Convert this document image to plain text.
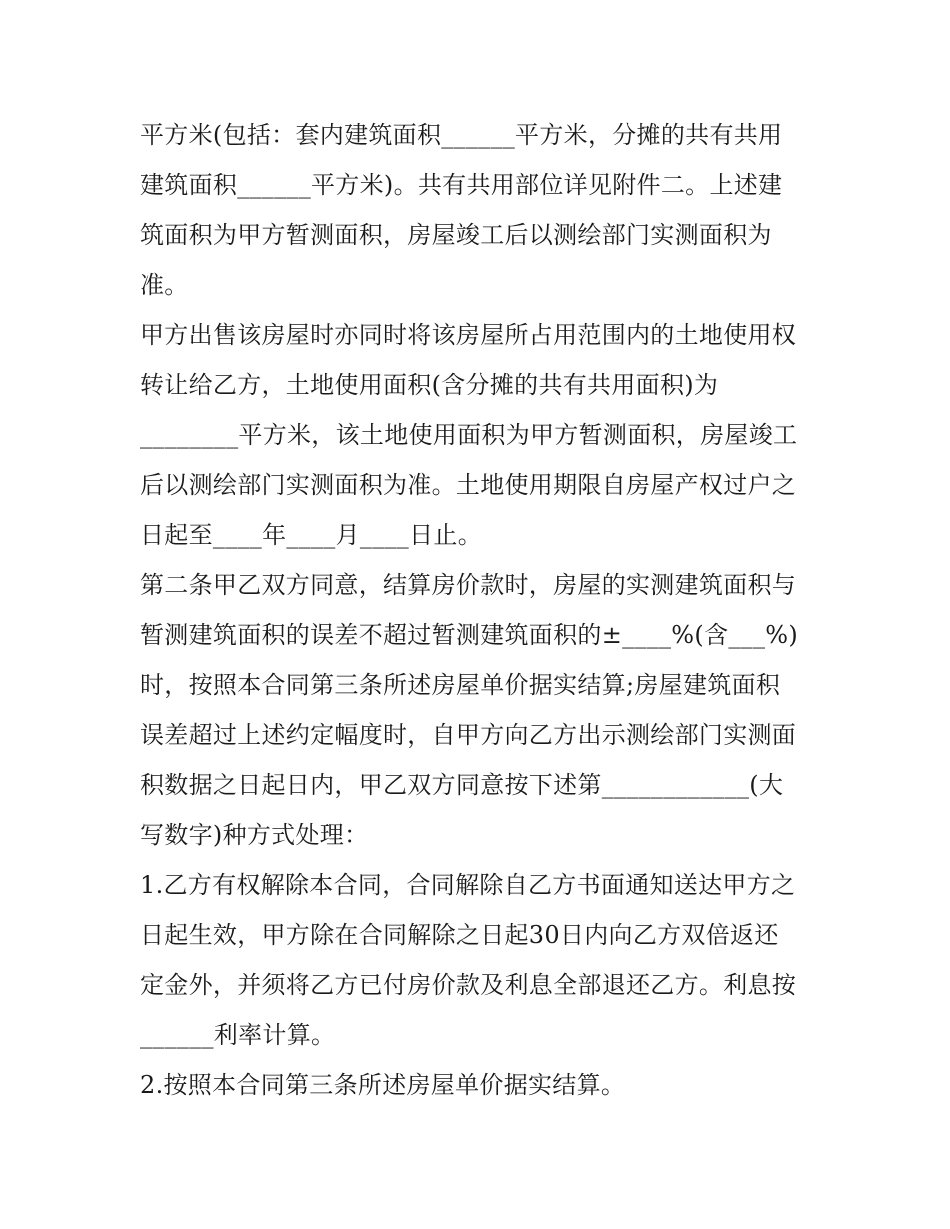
平方米(包括：套内建筑面积______平方米，分摊的共有共用
建筑面积______平方米)。共有共用部位详见附件二。上述建
筑面积为甲方暂测面积，房屋竣工后以测绘部门实测面积为
准。
甲方出售该房屋时亦同时将该房屋所占用范围内的土地使用权
转让给乙方，土地使用面积(含分摊的共有共用面积)为
________平方米，该土地使用面积为甲方暂测面积，房屋竣工
后以测绘部门实测面积为准。土地使用期限自房屋产权过户之
日起至____年____月____日止。
第二条甲乙双方同意，结算房价款时，房屋的实测建筑面积与
暂测建筑面积的误差不超过暂测建筑面积的±____%(含___%)
时，按照本合同第三条所述房屋单价据实结算;房屋建筑面积
误差超过上述约定幅度时，自甲方向乙方出示测绘部门实测面
积数据之日起日内，甲乙双方同意按下述第____________(大
写数字)种方式处理：
1.乙方有权解除本合同，合同解除自乙方书面通知送达甲方之
日起生效，甲方除在合同解除之日起30日内向乙方双倍返还
定金外，并须将乙方已付房价款及利息全部退还乙方。利息按
______利率计算。
2.按照本合同第三条所述房屋单价据实结算。
